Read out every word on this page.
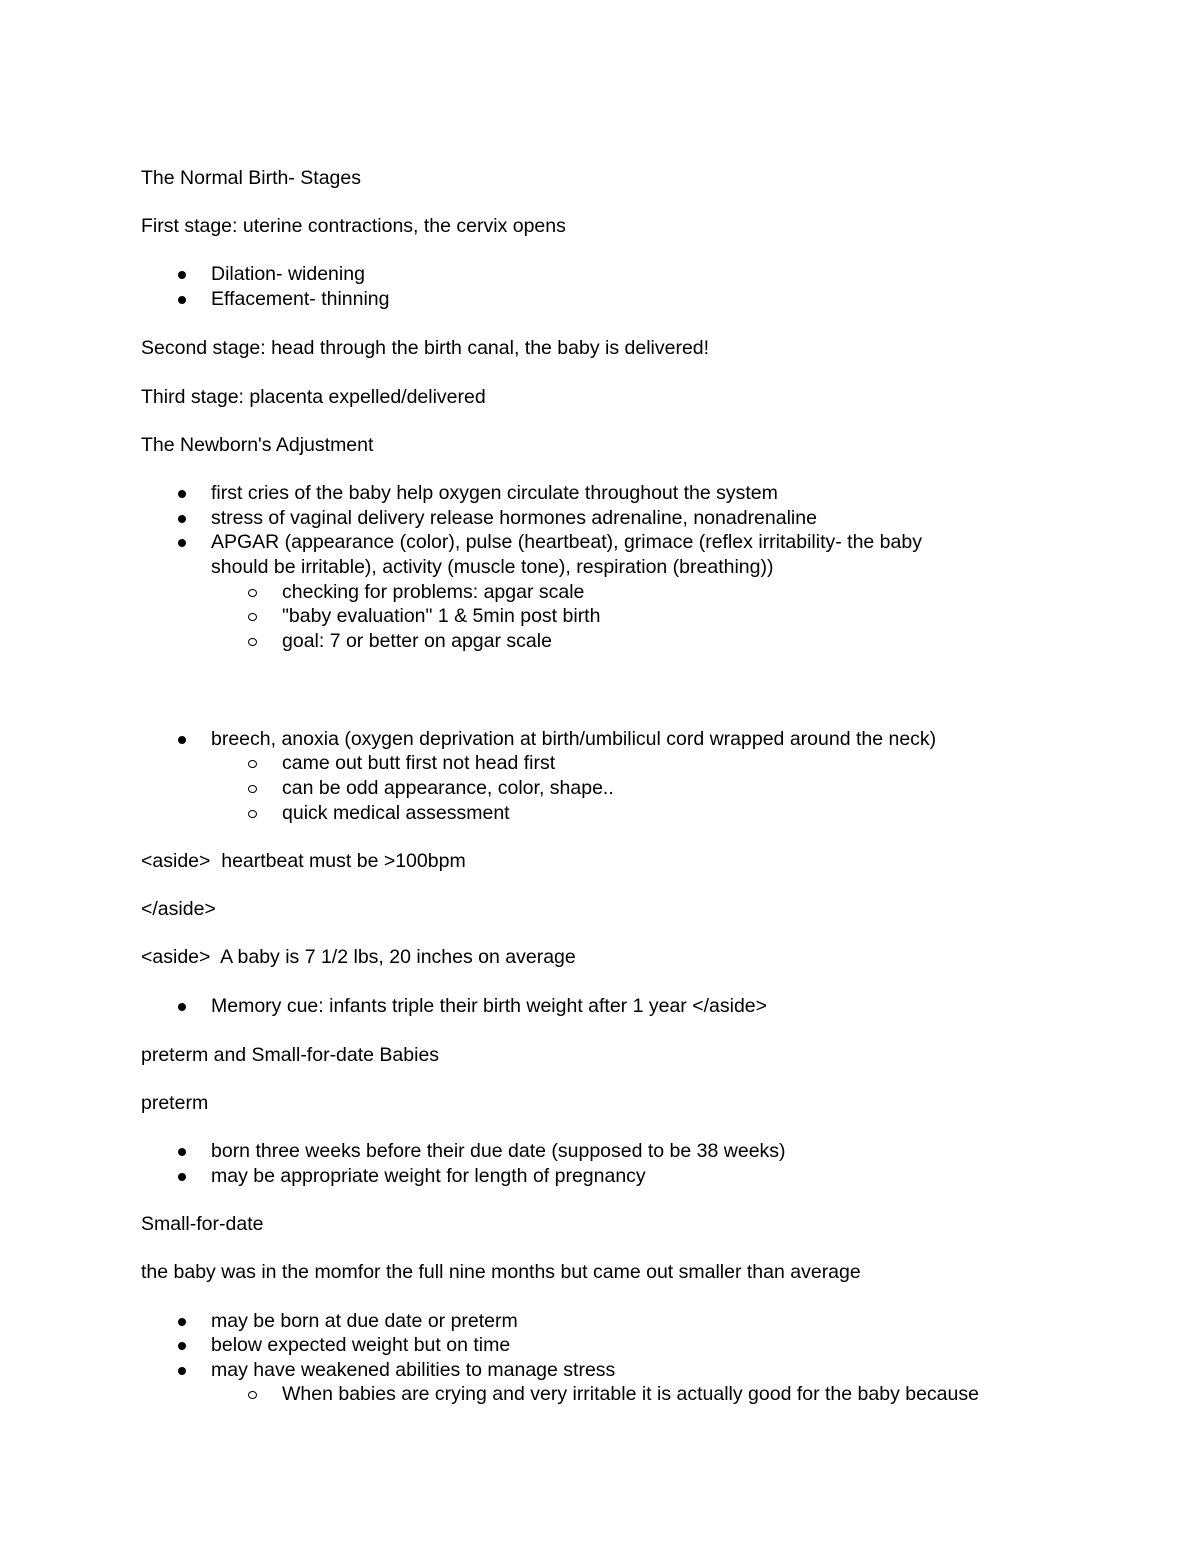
The Normal Birth- Stages
First stage: uterine contractions, the cervix opens
Dilation- widening
Effacement- thinning
Second stage: head through the birth canal, the baby is delivered!
Third stage: placenta expelled/delivered
The Newborn's Adjustment
first cries of the baby help oxygen circulate throughout the system
stress of vaginal delivery release hormones adrenaline, nonadrenaline
APGAR (appearance (color), pulse (heartbeat), grimace (reflex irritability- the baby
should be irritable), activity (muscle tone), respiration (breathing))
checking for problems: apgar scale
"baby evaluation" 1 & 5min post birth
goal: 7 or better on apgar scale
breech, anoxia (oxygen deprivation at birth/umbilicul cord wrapped around the neck)
came out butt first not head first
can be odd appearance, color, shape..
quick medical assessment
<aside>  heartbeat must be >100bpm
</aside>
<aside>  A baby is 7 1/2 lbs, 20 inches on average
Memory cue: infants triple their birth weight after 1 year </aside>
preterm and Small-for-date Babies
preterm
born three weeks before their due date (supposed to be 38 weeks)
may be appropriate weight for length of pregnancy
Small-for-date
the baby was in the momfor the full nine months but came out smaller than average
may be born at due date or preterm
below expected weight but on time
may have weakened abilities to manage stress
When babies are crying and very irritable it is actually good for the baby because
